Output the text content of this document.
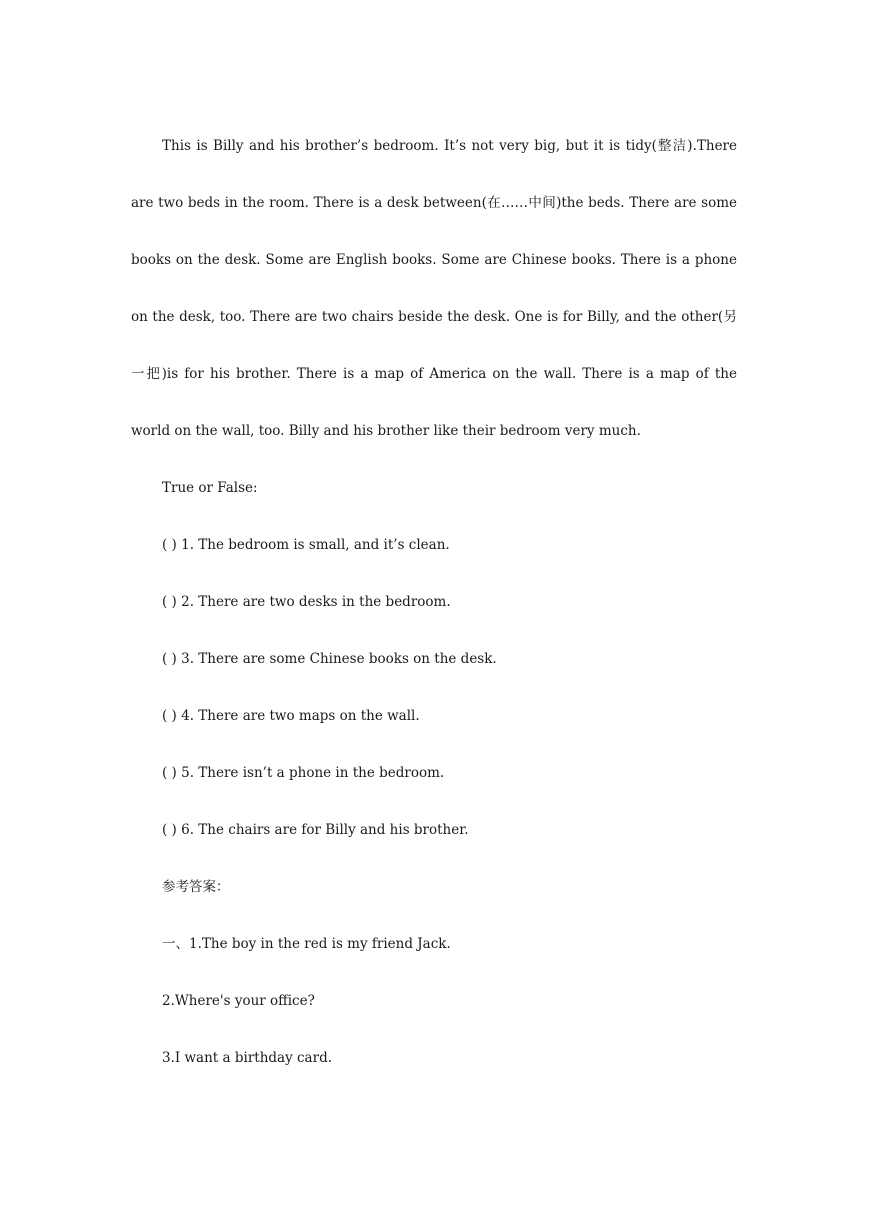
This is Billy and his brother’s bedroom. It’s not very big, but it is tidy(整洁).There are two beds in the room. There is a desk between(在……中间)the beds. There are some books on the desk. Some are English books. Some are Chinese books. There is a phone on the desk, too. There are two chairs beside the desk. One is for Billy, and the other(另一把)is for his brother. There is a map of America on the wall. There is a map of the world on the wall, too. Billy and his brother like their bedroom very much.

True or False:

( ) 1. The bedroom is small, and it’s clean.

( ) 2. There are two desks in the bedroom.

( ) 3. There are some Chinese books on the desk.

( ) 4. There are two maps on the wall.

( ) 5. There isn’t a phone in the bedroom.

( ) 6. The chairs are for Billy and his brother.

参考答案：

一、1.The boy in the red is my friend Jack.

2.Where's your office?

3.I want a birthday card.
